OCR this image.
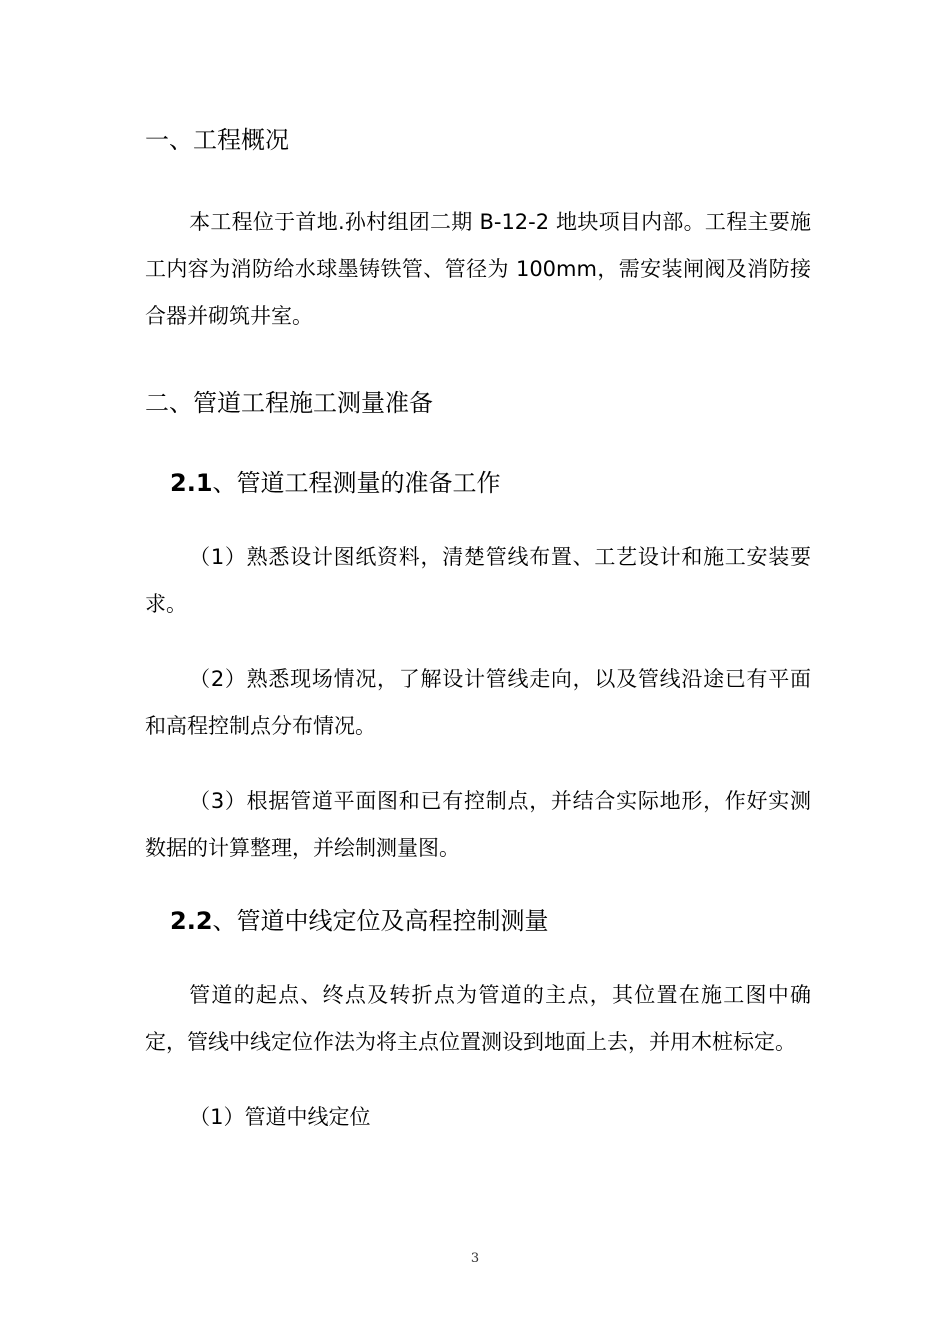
一、工程概况

本工程位于首地.孙村组团二期 B-12-2 地块项目内部。工程主要施工内容为消防给水球墨铸铁管、管径为 100mm，需安装闸阀及消防接合器并砌筑井室。

二、管道工程施工测量准备
2.1、管道工程测量的准备工作

（1）熟悉设计图纸资料，清楚管线布置、工艺设计和施工安装要求。

（2）熟悉现场情况，了解设计管线走向，以及管线沿途已有平面和高程控制点分布情况。

（3）根据管道平面图和已有控制点，并结合实际地形，作好实测数据的计算整理，并绘制测量图。

2.2、管道中线定位及高程控制测量

管道的起点、终点及转折点为管道的主点，其位置在施工图中确定，管线中线定位作法为将主点位置测设到地面上去，并用木桩标定。

（1）管道中线定位

3
